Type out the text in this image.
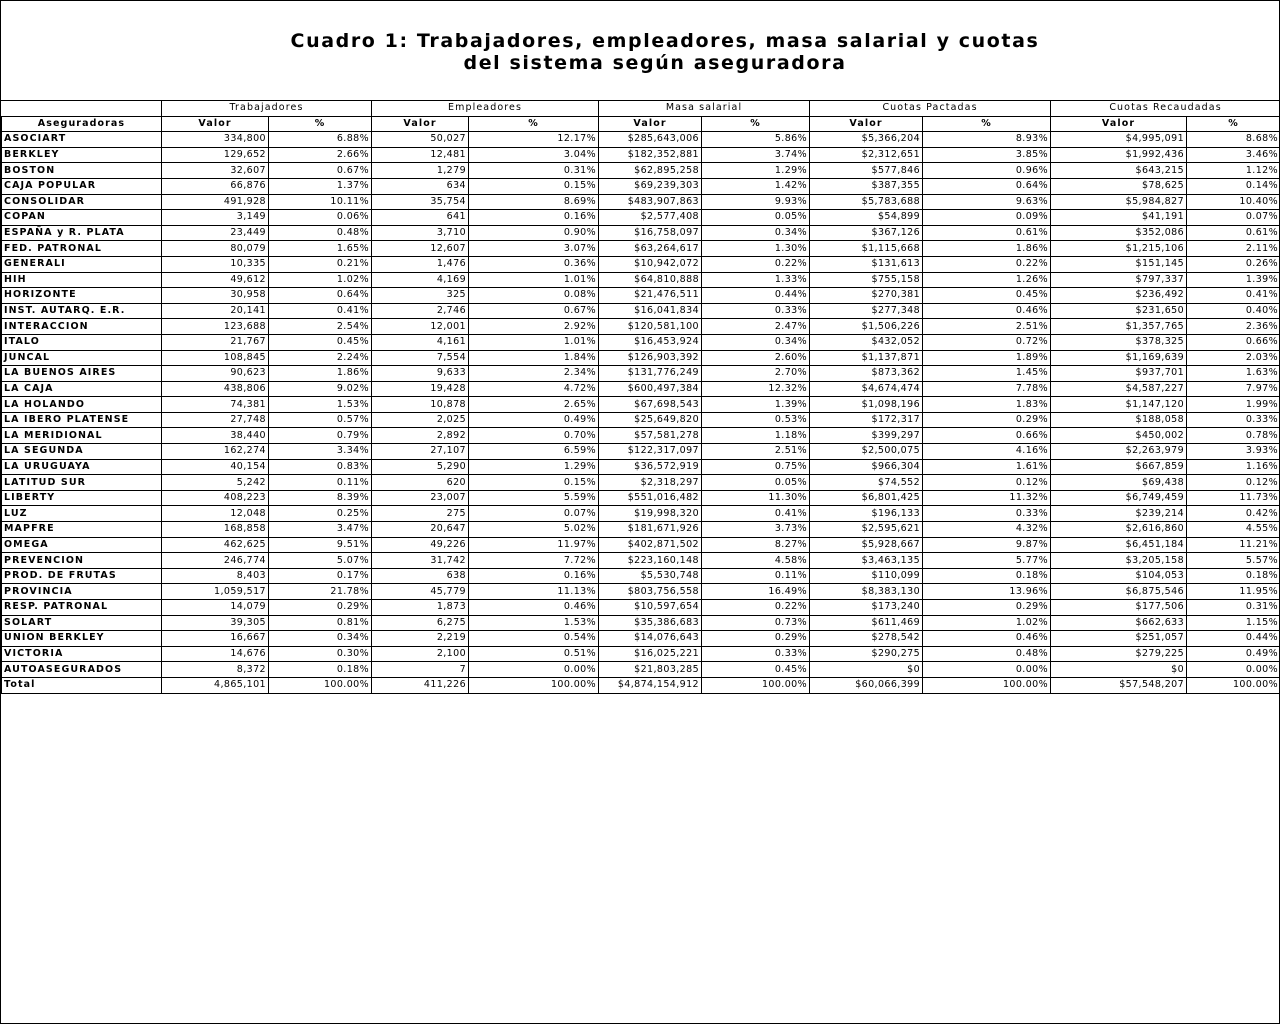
Cuadro 1: Trabajadores, empleadores, masa salarial y cuotas
del sistema según aseguradora
	Trabajadores		Empleadores		Masa salarial		Cuotas Pactadas		Cuotas Recaudadas	
Aseguradoras	Valor	%	Valor	%	Valor	%	Valor	%	Valor	%
ASOCIART	334,800	6.88%	50,027	12.17%	$285,643,006	5.86%	$5,366,204	8.93%	$4,995,091	8.68%
BERKLEY	129,652	2.66%	12,481	3.04%	$182,352,881	3.74%	$2,312,651	3.85%	$1,992,436	3.46%
BOSTON	32,607	0.67%	1,279	0.31%	$62,895,258	1.29%	$577,846	0.96%	$643,215	1.12%
CAJA POPULAR	66,876	1.37%	634	0.15%	$69,239,303	1.42%	$387,355	0.64%	$78,625	0.14%
CONSOLIDAR	491,928	10.11%	35,754	8.69%	$483,907,863	9.93%	$5,783,688	9.63%	$5,984,827	10.40%
COPAN	3,149	0.06%	641	0.16%	$2,577,408	0.05%	$54,899	0.09%	$41,191	0.07%
ESPAÑA y R. PLATA	23,449	0.48%	3,710	0.90%	$16,758,097	0.34%	$367,126	0.61%	$352,086	0.61%
FED. PATRONAL	80,079	1.65%	12,607	3.07%	$63,264,617	1.30%	$1,115,668	1.86%	$1,215,106	2.11%
GENERALI	10,335	0.21%	1,476	0.36%	$10,942,072	0.22%	$131,613	0.22%	$151,145	0.26%
HIH	49,612	1.02%	4,169	1.01%	$64,810,888	1.33%	$755,158	1.26%	$797,337	1.39%
HORIZONTE	30,958	0.64%	325	0.08%	$21,476,511	0.44%	$270,381	0.45%	$236,492	0.41%
INST. AUTARQ. E.R.	20,141	0.41%	2,746	0.67%	$16,041,834	0.33%	$277,348	0.46%	$231,650	0.40%
INTERACCION	123,688	2.54%	12,001	2.92%	$120,581,100	2.47%	$1,506,226	2.51%	$1,357,765	2.36%
ITALO	21,767	0.45%	4,161	1.01%	$16,453,924	0.34%	$432,052	0.72%	$378,325	0.66%
JUNCAL	108,845	2.24%	7,554	1.84%	$126,903,392	2.60%	$1,137,871	1.89%	$1,169,639	2.03%
LA BUENOS AIRES	90,623	1.86%	9,633	2.34%	$131,776,249	2.70%	$873,362	1.45%	$937,701	1.63%
LA CAJA	438,806	9.02%	19,428	4.72%	$600,497,384	12.32%	$4,674,474	7.78%	$4,587,227	7.97%
LA HOLANDO	74,381	1.53%	10,878	2.65%	$67,698,543	1.39%	$1,098,196	1.83%	$1,147,120	1.99%
LA IBERO PLATENSE	27,748	0.57%	2,025	0.49%	$25,649,820	0.53%	$172,317	0.29%	$188,058	0.33%
LA MERIDIONAL	38,440	0.79%	2,892	0.70%	$57,581,278	1.18%	$399,297	0.66%	$450,002	0.78%
LA SEGUNDA	162,274	3.34%	27,107	6.59%	$122,317,097	2.51%	$2,500,075	4.16%	$2,263,979	3.93%
LA URUGUAYA	40,154	0.83%	5,290	1.29%	$36,572,919	0.75%	$966,304	1.61%	$667,859	1.16%
LATITUD SUR	5,242	0.11%	620	0.15%	$2,318,297	0.05%	$74,552	0.12%	$69,438	0.12%
LIBERTY	408,223	8.39%	23,007	5.59%	$551,016,482	11.30%	$6,801,425	11.32%	$6,749,459	11.73%
LUZ	12,048	0.25%	275	0.07%	$19,998,320	0.41%	$196,133	0.33%	$239,214	0.42%
MAPFRE	168,858	3.47%	20,647	5.02%	$181,671,926	3.73%	$2,595,621	4.32%	$2,616,860	4.55%
OMEGA	462,625	9.51%	49,226	11.97%	$402,871,502	8.27%	$5,928,667	9.87%	$6,451,184	11.21%
PREVENCION	246,774	5.07%	31,742	7.72%	$223,160,148	4.58%	$3,463,135	5.77%	$3,205,158	5.57%
PROD. DE FRUTAS	8,403	0.17%	638	0.16%	$5,530,748	0.11%	$110,099	0.18%	$104,053	0.18%
PROVINCIA	1,059,517	21.78%	45,779	11.13%	$803,756,558	16.49%	$8,383,130	13.96%	$6,875,546	11.95%
RESP. PATRONAL	14,079	0.29%	1,873	0.46%	$10,597,654	0.22%	$173,240	0.29%	$177,506	0.31%
SOLART	39,305	0.81%	6,275	1.53%	$35,386,683	0.73%	$611,469	1.02%	$662,633	1.15%
UNION BERKLEY	16,667	0.34%	2,219	0.54%	$14,076,643	0.29%	$278,542	0.46%	$251,057	0.44%
VICTORIA	14,676	0.30%	2,100	0.51%	$16,025,221	0.33%	$290,275	0.48%	$279,225	0.49%
AUTOASEGURADOS	8,372	0.18%	7	0.00%	$21,803,285	0.45%	$0	0.00%	$0	0.00%
Total	4,865,101	100.00%	411,226	100.00%	$4,874,154,912	100.00%	$60,066,399	100.00%	$57,548,207	100.00%
